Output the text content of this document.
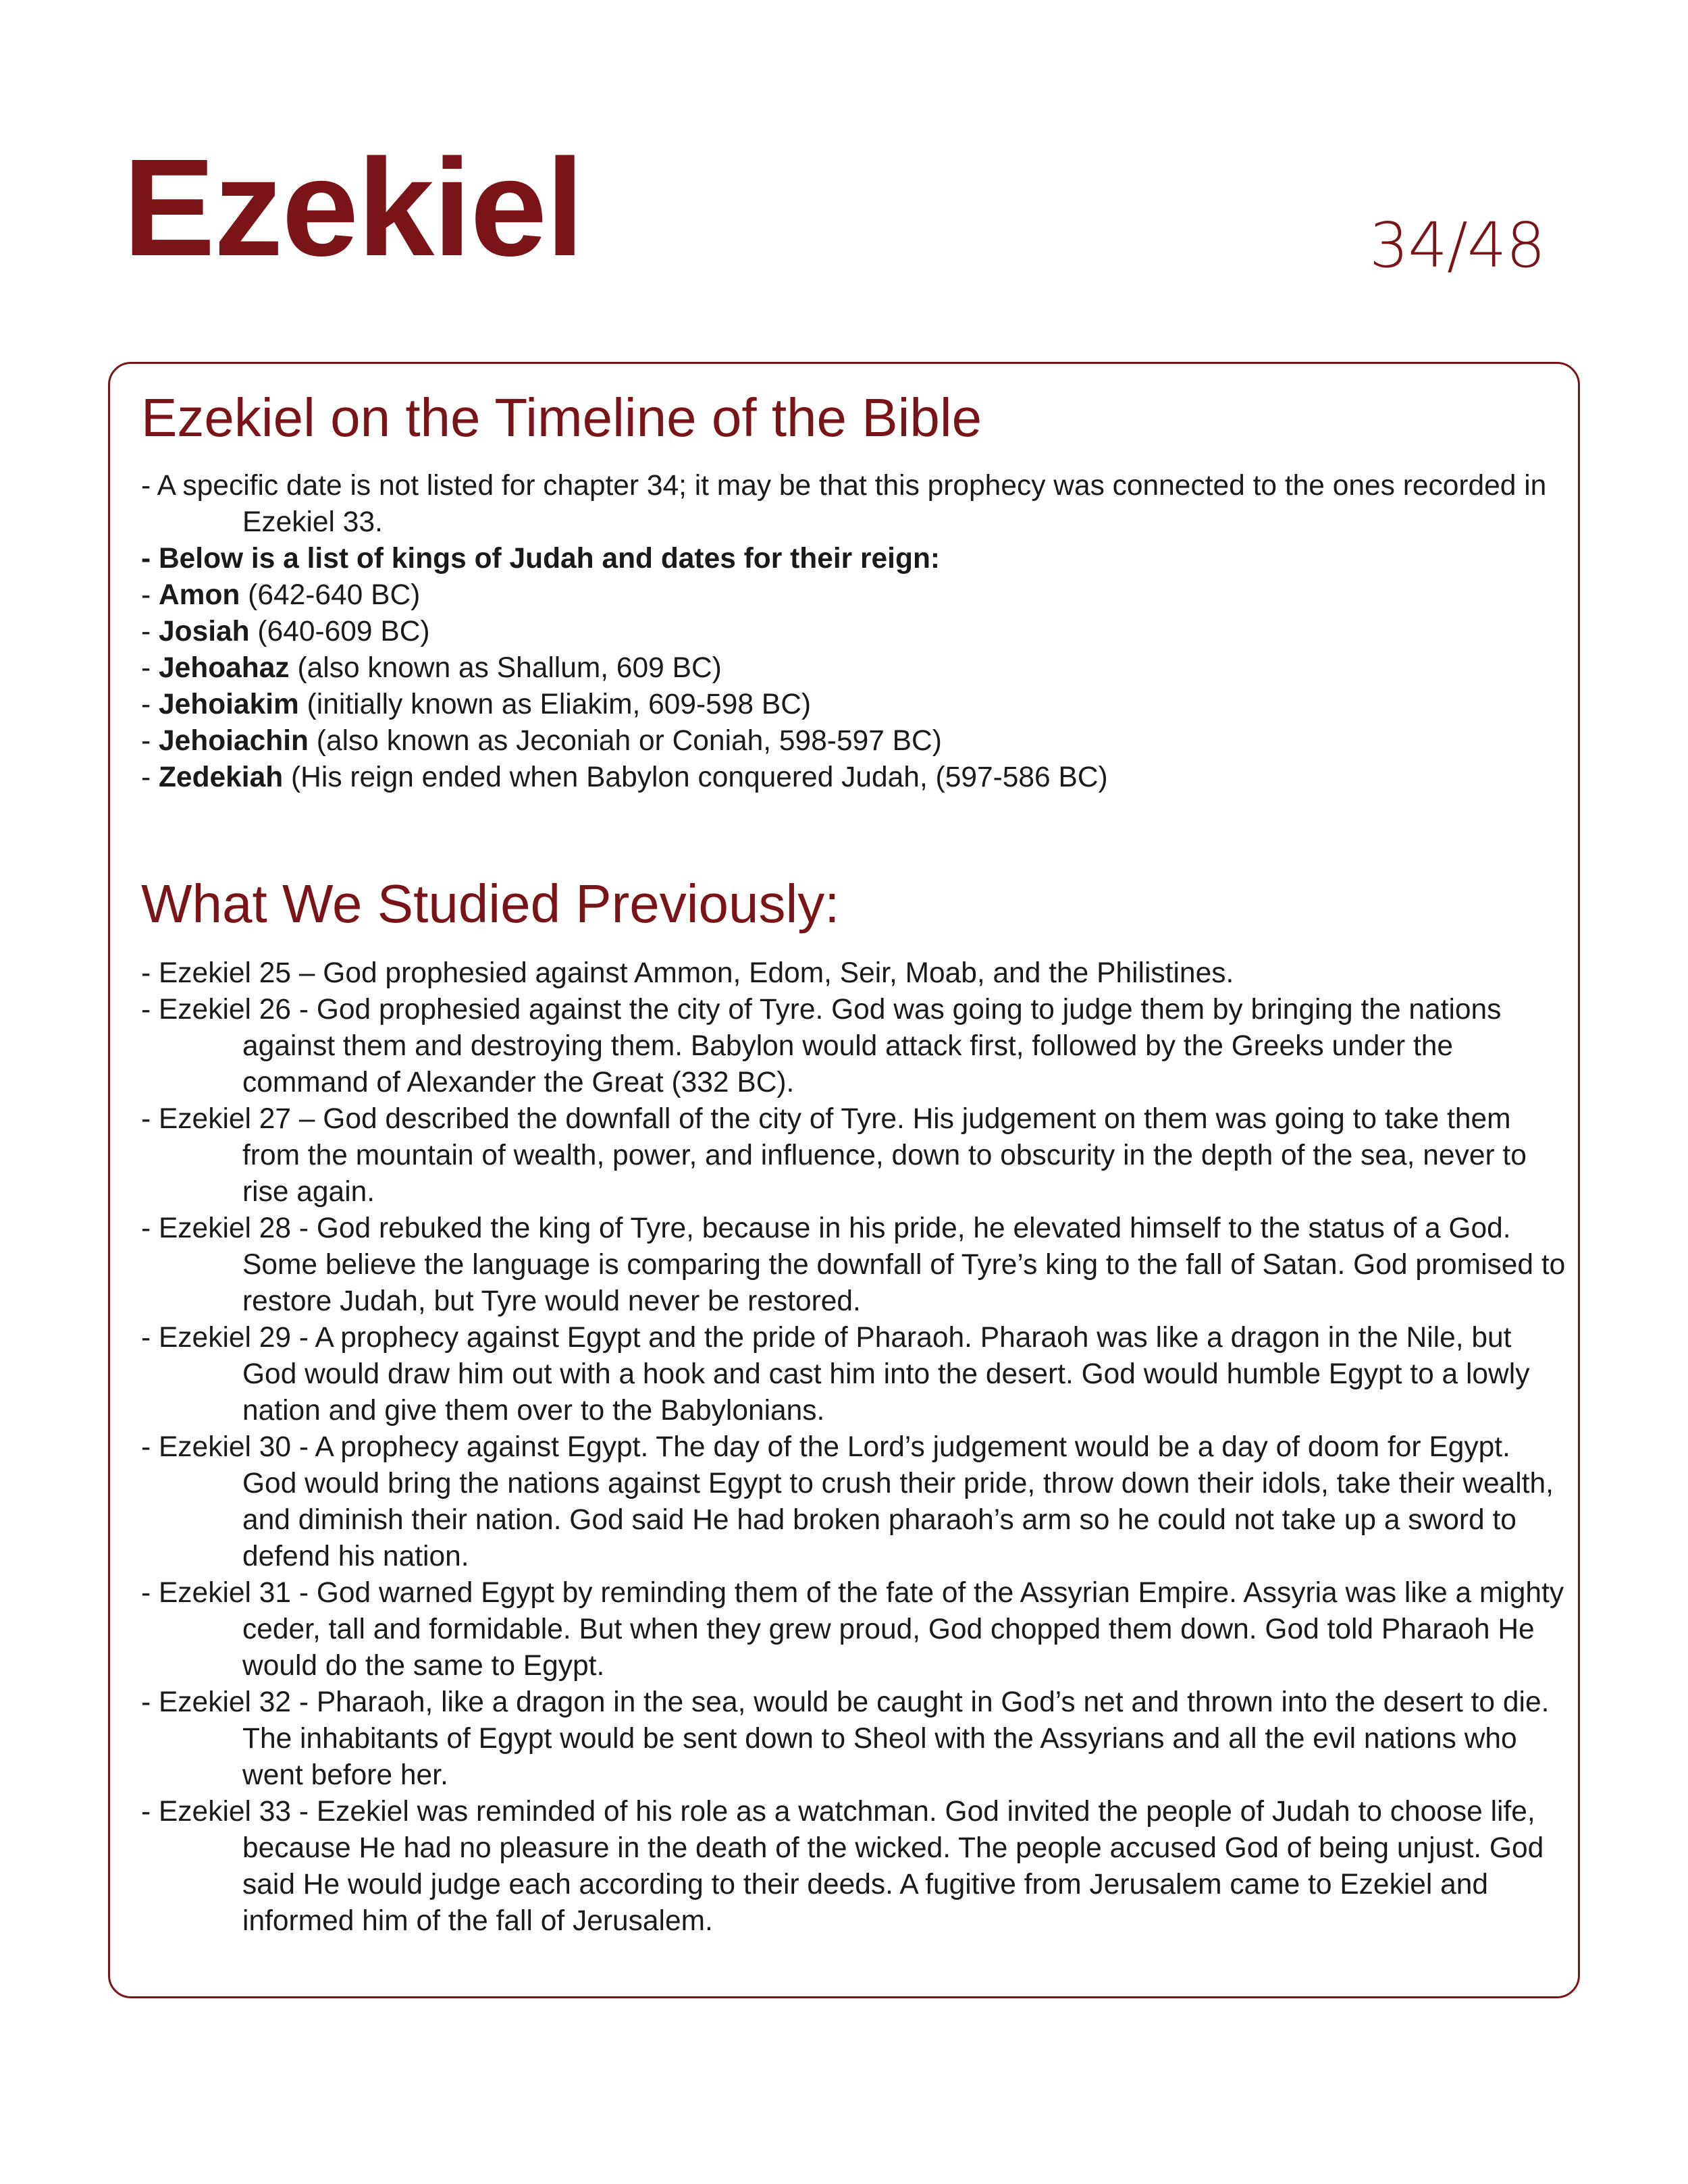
Ezekiel	34/48
Ezekiel on the Timeline of the Bible
- A specific date is not listed for chapter 34; it may be that this prophecy was connected to the ones recorded in Ezekiel 33.
- Below is a list of kings of Judah and dates for their reign:
- Amon (642-640 BC)
- Josiah (640-609 BC)
- Jehoahaz (also known as Shallum, 609 BC)
- Jehoiakim (initially known as Eliakim, 609-598 BC)
- Jehoiachin (also known as Jeconiah or Coniah, 598-597 BC)
- Zedekiah (His reign ended when Babylon conquered Judah, (597-586 BC)
What We Studied Previously:
- Ezekiel 25 – God prophesied against Ammon, Edom, Seir, Moab, and the Philistines.
- Ezekiel 26 - God prophesied against the city of Tyre. God was going to judge them by bringing the nations against them and destroying them. Babylon would attack first, followed by the Greeks under the command of Alexander the Great (332 BC).
- Ezekiel 27 – God described the downfall of the city of Tyre. His judgement on them was going to take them from the mountain of wealth, power, and influence, down to obscurity in the depth of the sea, never to rise again.
- Ezekiel 28 - God rebuked the king of Tyre, because in his pride, he elevated himself to the status of a God. Some believe the language is comparing the downfall of Tyre’s king to the fall of Satan. God promised to restore Judah, but Tyre would never be restored.
- Ezekiel 29 - A prophecy against Egypt and the pride of Pharaoh. Pharaoh was like a dragon in the Nile, but God would draw him out with a hook and cast him into the desert. God would humble Egypt to a lowly nation and give them over to the Babylonians.
- Ezekiel 30 - A prophecy against Egypt. The day of the Lord’s judgement would be a day of doom for Egypt. God would bring the nations against Egypt to crush their pride, throw down their idols, take their wealth, and diminish their nation. God said He had broken pharaoh’s arm so he could not take up a sword to defend his nation.
- Ezekiel 31 - God warned Egypt by reminding them of the fate of the Assyrian Empire. Assyria was like a mighty ceder, tall and formidable. But when they grew proud, God chopped them down. God told Pharaoh He would do the same to Egypt.
- Ezekiel 32 - Pharaoh, like a dragon in the sea, would be caught in God’s net and thrown into the desert to die. The inhabitants of Egypt would be sent down to Sheol with the Assyrians and all the evil nations who went before her.
- Ezekiel 33 - Ezekiel was reminded of his role as a watchman. God invited the people of Judah to choose life, because He had no pleasure in the death of the wicked. The people accused God of being unjust. God said He would judge each according to their deeds. A fugitive from Jerusalem came to Ezekiel and informed him of the fall of Jerusalem.
